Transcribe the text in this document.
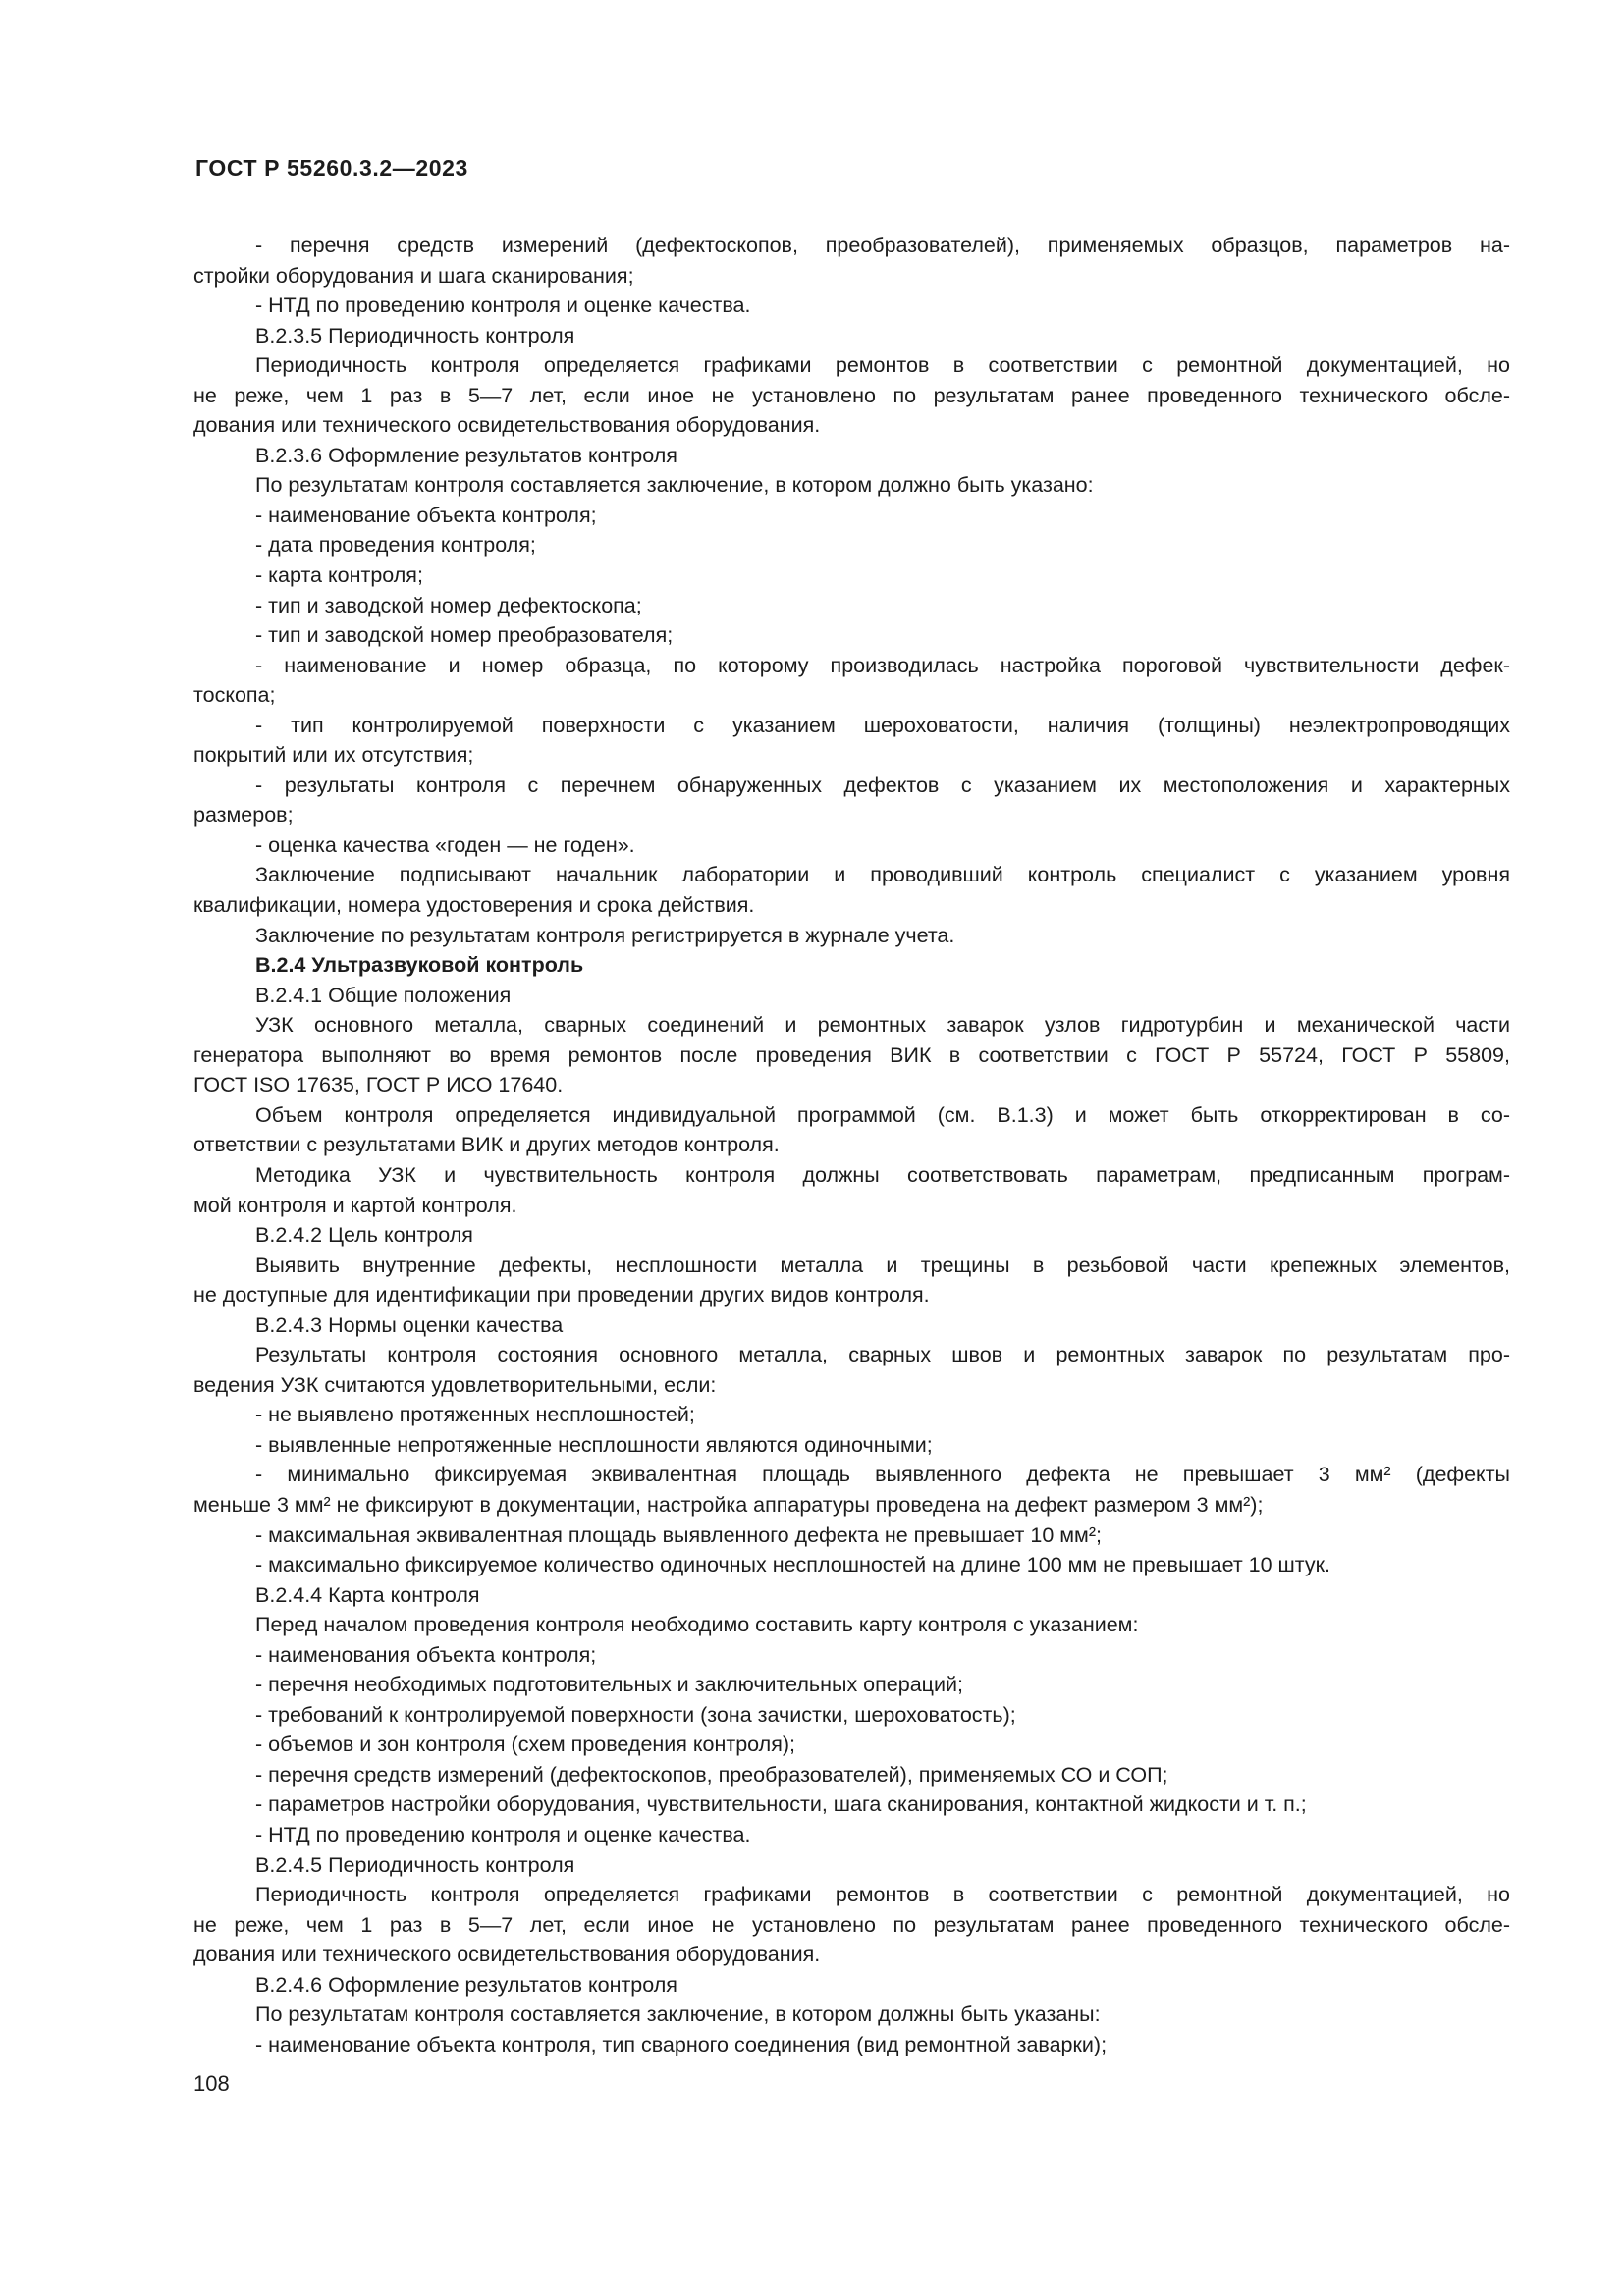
ГОСТ Р 55260.3.2—2023
- перечня средств измерений (дефектоскопов, преобразователей), применяемых образцов, параметров на-
стройки оборудования и шага сканирования;
- НТД по проведению контроля и оценке качества.
В.2.3.5 Периодичность контроля
Периодичность контроля определяется графиками ремонтов в соответствии с ремонтной документацией, но
не реже, чем 1 раз в 5—7 лет, если иное не установлено по результатам ранее проведенного технического обсле-
дования или технического освидетельствования оборудования.
В.2.3.6 Оформление результатов контроля
По результатам контроля составляется заключение, в котором должно быть указано:
- наименование объекта контроля;
- дата проведения контроля;
- карта контроля;
- тип и заводской номер дефектоскопа;
- тип и заводской номер преобразователя;
- наименование и номер образца, по которому производилась настройка пороговой чувствительности дефек-
тоскопа;
- тип контролируемой поверхности с указанием шероховатости, наличия (толщины) неэлектропроводящих
покрытий или их отсутствия;
- результаты контроля с перечнем обнаруженных дефектов с указанием их местоположения и характерных
размеров;
- оценка качества «годен — не годен».
Заключение подписывают начальник лаборатории и проводивший контроль специалист с указанием уровня
квалификации, номера удостоверения и срока действия.
Заключение по результатам контроля регистрируется в журнале учета.
В.2.4 Ультразвуковой контроль
В.2.4.1 Общие положения
УЗК основного металла, сварных соединений и ремонтных заварок узлов гидротурбин и механической части
генератора выполняют во время ремонтов после проведения ВИК в соответствии с ГОСТ Р 55724, ГОСТ Р 55809,
ГОСТ ISO 17635, ГОСТ Р ИСО 17640.
Объем контроля определяется индивидуальной программой (см. В.1.3) и может быть откорректирован в со-
ответствии с результатами ВИК и других методов контроля.
Методика УЗК и чувствительность контроля должны соответствовать параметрам, предписанным програм-
мой контроля и картой контроля.
В.2.4.2 Цель контроля
Выявить внутренние дефекты, несплошности металла и трещины в резьбовой части крепежных элементов,
не доступные для идентификации при проведении других видов контроля.
В.2.4.3 Нормы оценки качества
Результаты контроля состояния основного металла, сварных швов и ремонтных заварок по результатам про-
ведения УЗК считаются удовлетворительными, если:
- не выявлено протяженных несплошностей;
- выявленные непротяженные несплошности являются одиночными;
- минимально фиксируемая эквивалентная площадь выявленного дефекта не превышает 3 мм² (дефекты
меньше 3 мм² не фиксируют в документации, настройка аппаратуры проведена на дефект размером 3 мм²);
- максимальная эквивалентная площадь выявленного дефекта не превышает 10 мм²;
- максимально фиксируемое количество одиночных несплошностей на длине 100 мм не превышает 10 штук.
В.2.4.4 Карта контроля
Перед началом проведения контроля необходимо составить карту контроля с указанием:
- наименования объекта контроля;
- перечня необходимых подготовительных и заключительных операций;
- требований к контролируемой поверхности (зона зачистки, шероховатость);
- объемов и зон контроля (схем проведения контроля);
- перечня средств измерений (дефектоскопов, преобразователей), применяемых СО и СОП;
- параметров настройки оборудования, чувствительности, шага сканирования, контактной жидкости и т. п.;
- НТД по проведению контроля и оценке качества.
В.2.4.5 Периодичность контроля
Периодичность контроля определяется графиками ремонтов в соответствии с ремонтной документацией, но
не реже, чем 1 раз в 5—7 лет, если иное не установлено по результатам ранее проведенного технического обсле-
дования или технического освидетельствования оборудования.
В.2.4.6 Оформление результатов контроля
По результатам контроля составляется заключение, в котором должны быть указаны:
- наименование объекта контроля, тип сварного соединения (вид ремонтной заварки);
108
